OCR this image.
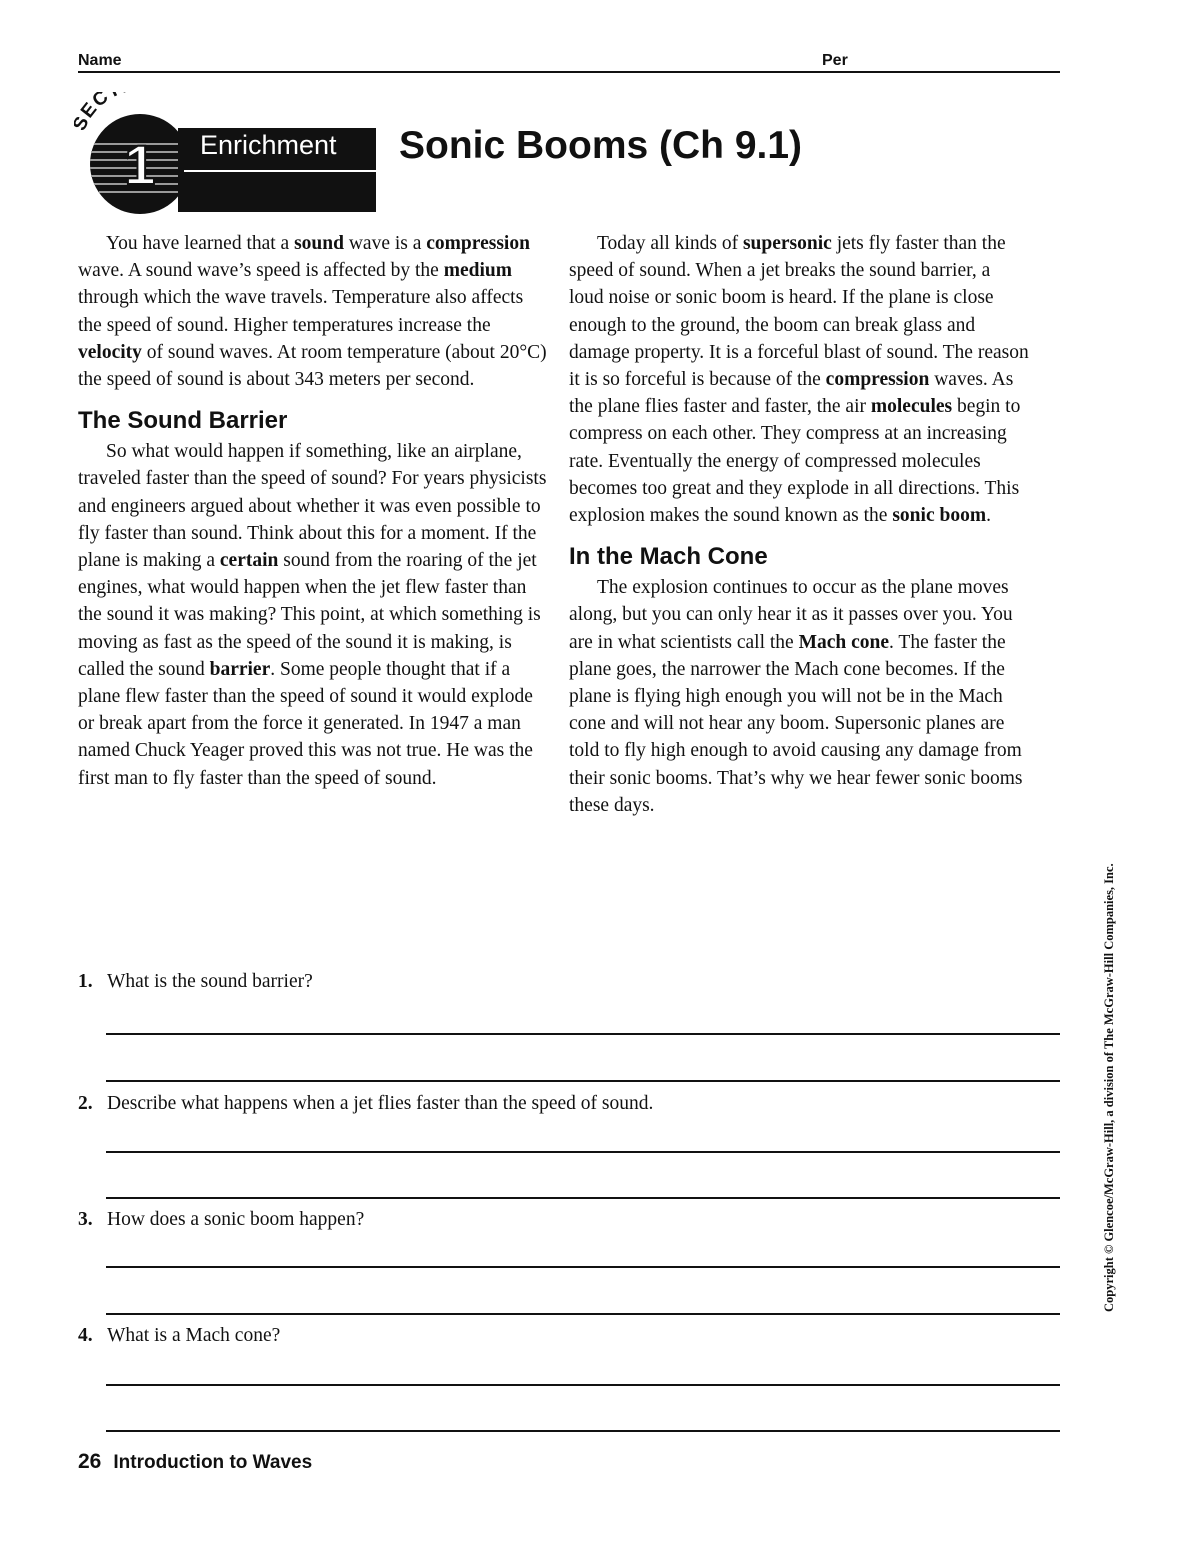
Name	Per
EC
1 Enrichment Sonic Booms (Ch 9.1)

You have learned that a sound wave is a compression wave. A sound wave’s speed is affected by the medium through which the wave travels. Temperature also affects the speed of sound. Higher temperatures increase the velocity of sound waves. At room temperature (about 20°C) the speed of sound is about 343 meters per second.

The Sound Barrier

So what would happen if something, like an airplane, traveled faster than the speed of sound? For years physicists and engineers argued about whether it was even possible to fly faster than sound. Think about this for a moment. If the plane is making a certain sound from the roaring of the jet engines, what would happen when the jet flew faster than the sound it was making? This point, at which something is moving as fast as the speed of the sound it is making, is called the sound barrier. Some people thought that if a plane flew faster than the speed of sound it would explode or break apart from the force it generated. In 1947 a man named Chuck Yeager proved this was not true. He was the first man to fly faster than the speed of sound.

Today all kinds of supersonic jets fly faster than the speed of sound. When a jet breaks the sound barrier, a loud noise or sonic boom is heard. If the plane is close enough to the ground, the boom can break glass and damage property. It is a forceful blast of sound. The reason it is so forceful is because of the compression waves. As the plane flies faster and faster, the air molecules begin to compress on each other. They compress at an increasing rate. Eventually the energy of compressed molecules becomes too great and they explode in all directions. This explosion makes the sound known as the sonic boom.

In the Mach Cone

The explosion continues to occur as the plane moves along, but you can only hear it as it passes over you. You are in what scientists call the Mach cone. The faster the plane goes, the narrower the Mach cone becomes. If the plane is flying high enough you will not be in the Mach cone and will not hear any boom. Supersonic planes are told to fly high enough to avoid causing any damage from their sonic booms. That’s why we hear fewer sonic booms these days.

1. What is the sound barrier?
2. Describe what happens when a jet flies faster than the speed of sound.
3. How does a sonic boom happen?
4. What is a Mach cone?
26 Introduction to Waves
Copyright © Glencoe/McGraw-Hill, a division of The McGraw-Hill Companies, Inc.
